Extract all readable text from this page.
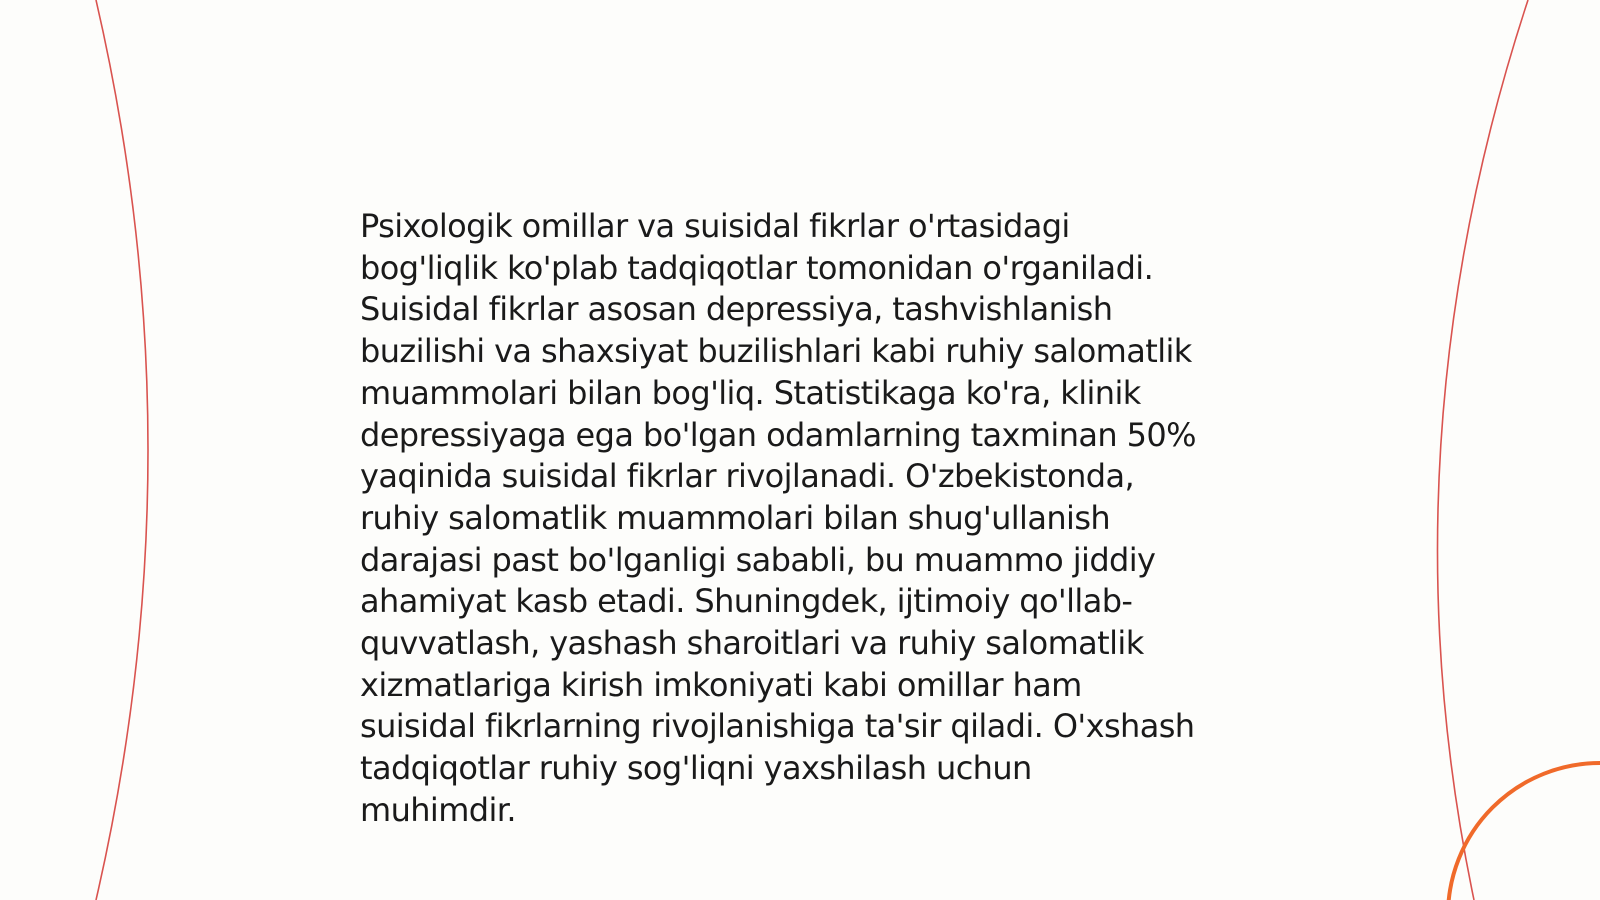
Psixologik omillar va suisidal fikrlar o'rtasidagi
bog'liqlik ko'plab tadqiqotlar tomonidan o'rganiladi.
Suisidal fikrlar asosan depressiya, tashvishlanish
buzilishi va shaxsiyat buzilishlari kabi ruhiy salomatlik
muammolari bilan bog'liq. Statistikaga ko'ra, klinik
depressiyaga ega bo'lgan odamlarning taxminan 50%
yaqinida suisidal fikrlar rivojlanadi. O'zbekistonda,
ruhiy salomatlik muammolari bilan shug'ullanish
darajasi past bo'lganligi sababli, bu muammo jiddiy
ahamiyat kasb etadi. Shuningdek, ijtimoiy qo'llab-
quvvatlash, yashash sharoitlari va ruhiy salomatlik
xizmatlariga kirish imkoniyati kabi omillar ham
suisidal fikrlarning rivojlanishiga ta'sir qiladi. O'xshash
tadqiqotlar ruhiy sog'liqni yaxshilash uchun
muhimdir.
